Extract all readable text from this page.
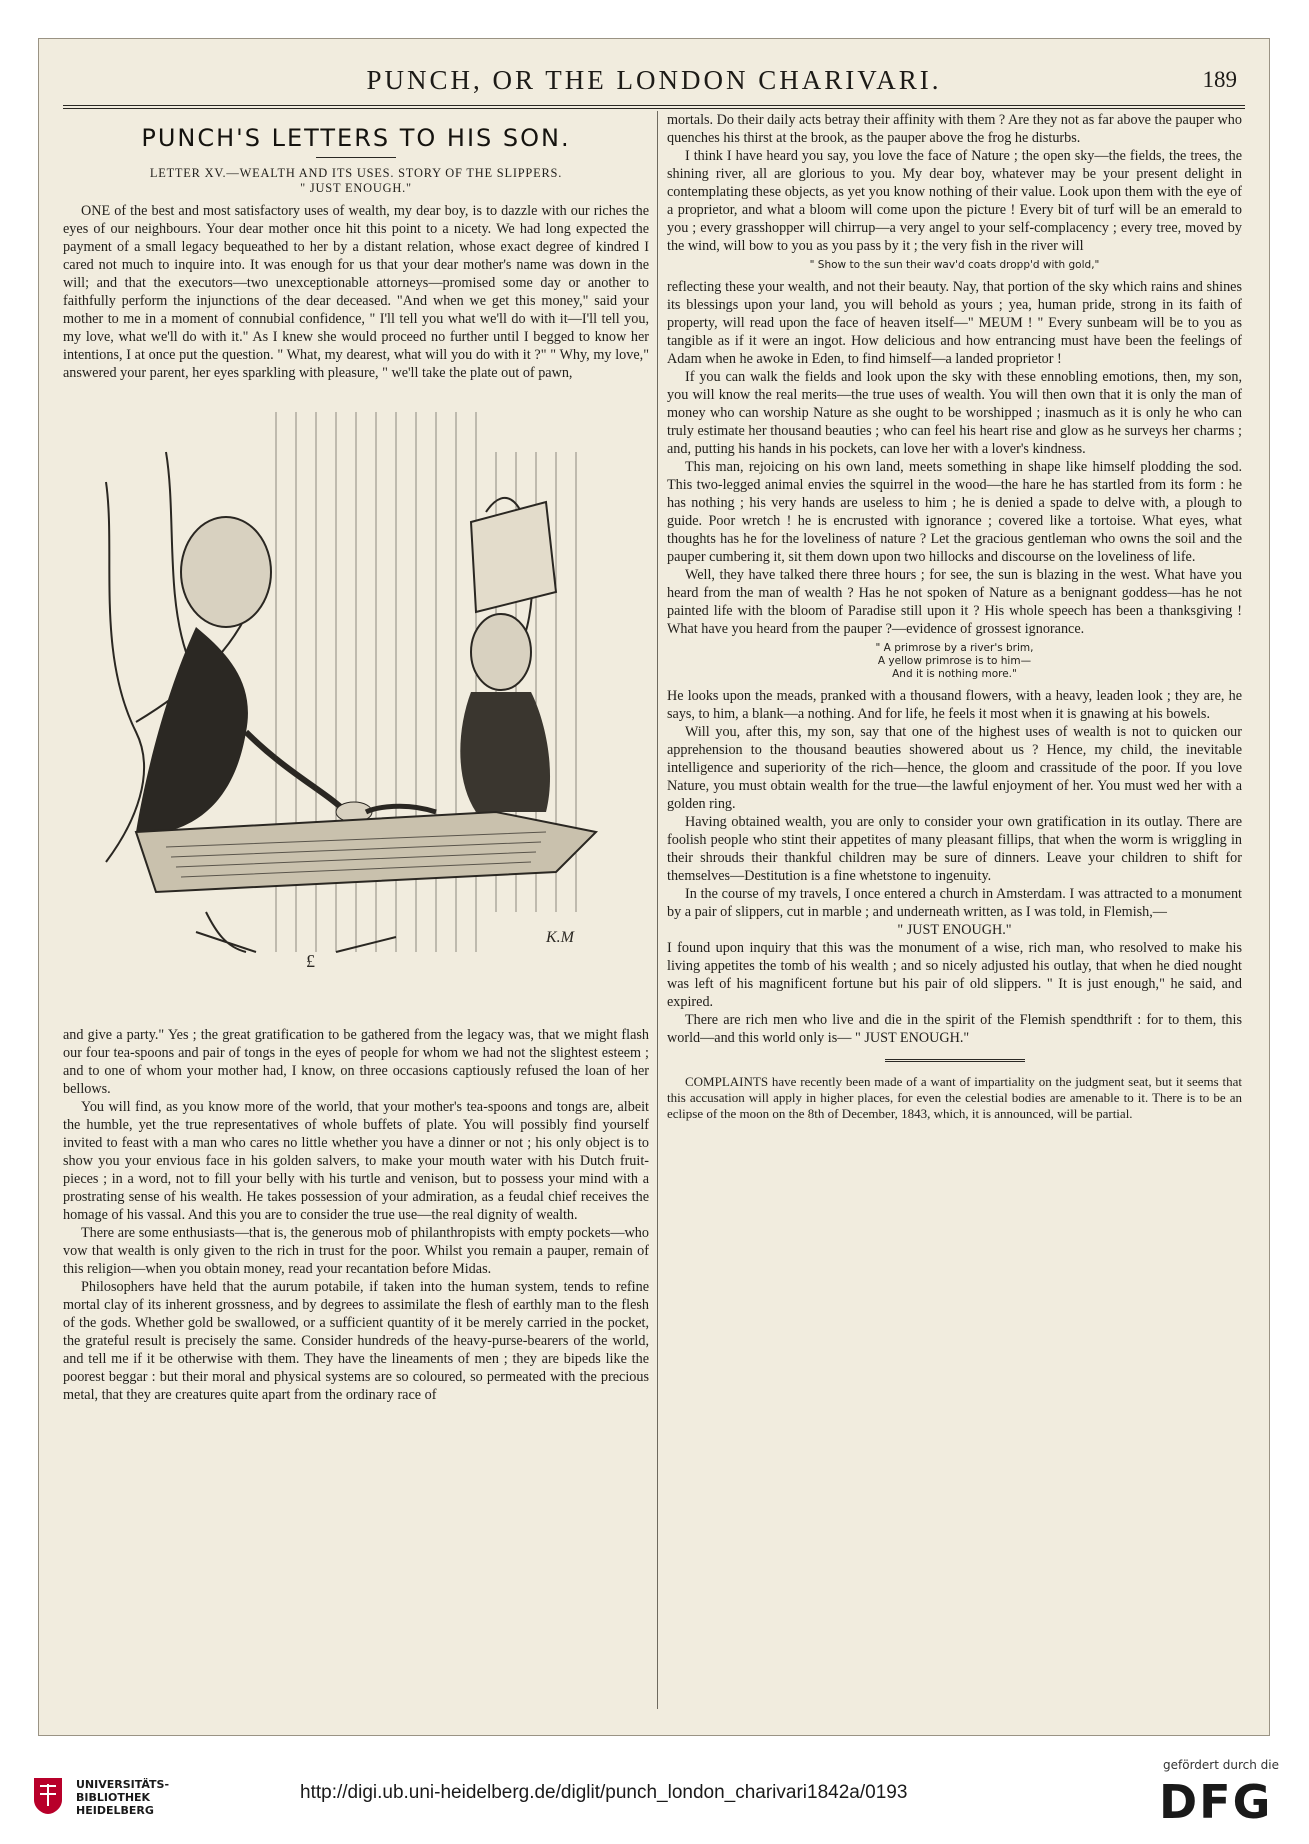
PUNCH, OR THE LONDON CHARIVARI.	189
PUNCH'S LETTERS TO HIS SON.
LETTER XV.—WEALTH AND ITS USES. STORY OF THE SLIPPERS.
" JUST ENOUGH."

ONE of the best and most satisfactory uses of wealth, my dear boy, is to dazzle with our riches the eyes of our neighbours. Your dear mother once hit this point to a nicety. We had long expected the payment of a small legacy bequeathed to her by a distant relation, whose exact degree of kindred I cared not much to inquire into. It was enough for us that your dear mother's name was down in the will; and that the executors—two unexceptionable attorneys—promised some day or another to faithfully perform the injunctions of the dear deceased. "And when we get this money," said your mother to me in a moment of connubial confidence, " I'll tell you what we'll do with it—I'll tell you, my love, what we'll do with it." As I knew she would proceed no further until I begged to know her intentions, I at once put the question. " What, my dearest, what will you do with it ?" " Why, my love," answered your parent, her eyes sparkling with pleasure, " we'll take the plate out of pawn,

£
K.M

and give a party." Yes ; the great gratification to be gathered from the legacy was, that we might flash our four tea-spoons and pair of tongs in the eyes of people for whom we had not the slightest esteem ; and to one of whom your mother had, I know, on three occasions captiously refused the loan of her bellows.

You will find, as you know more of the world, that your mother's tea-spoons and tongs are, albeit the humble, yet the true representatives of whole buffets of plate. You will possibly find yourself invited to feast with a man who cares no little whether you have a dinner or not ; his only object is to show you your envious face in his golden salvers, to make your mouth water with his Dutch fruit-pieces ; in a word, not to fill your belly with his turtle and venison, but to possess your mind with a prostrating sense of his wealth. He takes possession of your admiration, as a feudal chief receives the homage of his vassal. And this you are to consider the true use—the real dignity of wealth.

There are some enthusiasts—that is, the generous mob of philanthropists with empty pockets—who vow that wealth is only given to the rich in trust for the poor. Whilst you remain a pauper, remain of this religion—when you obtain money, read your recantation before Midas.

Philosophers have held that the aurum potabile, if taken into the human system, tends to refine mortal clay of its inherent grossness, and by degrees to assimilate the flesh of earthly man to the flesh of the gods. Whether gold be swallowed, or a sufficient quantity of it be merely carried in the pocket, the grateful result is precisely the same. Consider hundreds of the heavy-purse-bearers of the world, and tell me if it be otherwise with them. They have the lineaments of men ; they are bipeds like the poorest beggar : but their moral and physical systems are so coloured, so permeated with the precious metal, that they are creatures quite apart from the ordinary race of

mortals. Do their daily acts betray their affinity with them ? Are they not as far above the pauper who quenches his thirst at the brook, as the pauper above the frog he disturbs.

I think I have heard you say, you love the face of Nature ; the open sky—the fields, the trees, the shining river, all are glorious to you. My dear boy, whatever may be your present delight in contemplating these objects, as yet you know nothing of their value. Look upon them with the eye of a proprietor, and what a bloom will come upon the picture ! Every bit of turf will be an emerald to you ; every grasshopper will chirrup—a very angel to your self-complacency ; every tree, moved by the wind, will bow to you as you pass by it ; the very fish in the river will

" Show to the sun their wav'd coats dropp'd with gold,"

reflecting these your wealth, and not their beauty. Nay, that portion of the sky which rains and shines its blessings upon your land, you will behold as yours ; yea, human pride, strong in its faith of property, will read upon the face of heaven itself—" MEUM ! " Every sunbeam will be to you as tangible as if it were an ingot. How delicious and how entrancing must have been the feelings of Adam when he awoke in Eden, to find himself—a landed proprietor !

If you can walk the fields and look upon the sky with these ennobling emotions, then, my son, you will know the real merits—the true uses of wealth. You will then own that it is only the man of money who can worship Nature as she ought to be worshipped ; inasmuch as it is only he who can truly estimate her thousand beauties ; who can feel his heart rise and glow as he surveys her charms ; and, putting his hands in his pockets, can love her with a lover's kindness.

This man, rejoicing on his own land, meets something in shape like himself plodding the sod. This two-legged animal envies the squirrel in the wood—the hare he has startled from its form : he has nothing ; his very hands are useless to him ; he is denied a spade to delve with, a plough to guide. Poor wretch ! he is encrusted with ignorance ; covered like a tortoise. What eyes, what thoughts has he for the loveliness of nature ? Let the gracious gentleman who owns the soil and the pauper cumbering it, sit them down upon two hillocks and discourse on the loveliness of life.

Well, they have talked there three hours ; for see, the sun is blazing in the west. What have you heard from the man of wealth ? Has he not spoken of Nature as a benignant goddess—has he not painted life with the bloom of Paradise still upon it ? His whole speech has been a thanksgiving ! What have you heard from the pauper ?—evidence of grossest ignorance.

" A primrose by a river's brim,
A yellow primrose is to him—
And it is nothing more."

He looks upon the meads, pranked with a thousand flowers, with a heavy, leaden look ; they are, he says, to him, a blank—a nothing. And for life, he feels it most when it is gnawing at his bowels.

Will you, after this, my son, say that one of the highest uses of wealth is not to quicken our apprehension to the thousand beauties showered about us ? Hence, my child, the inevitable intelligence and superiority of the rich—hence, the gloom and crassitude of the poor. If you love Nature, you must obtain wealth for the true—the lawful enjoyment of her. You must wed her with a golden ring.

Having obtained wealth, you are only to consider your own gratification in its outlay. There are foolish people who stint their appetites of many pleasant fillips, that when the worm is wriggling in their shrouds their thankful children may be sure of dinners. Leave your children to shift for themselves—Destitution is a fine whetstone to ingenuity.

In the course of my travels, I once entered a church in Amsterdam. I was attracted to a monument by a pair of slippers, cut in marble ; and underneath written, as I was told, in Flemish,—

" JUST ENOUGH."

I found upon inquiry that this was the monument of a wise, rich man, who resolved to make his living appetites the tomb of his wealth ; and so nicely adjusted his outlay, that when he died nought was left of his magnificent fortune but his pair of old slippers. " It is just enough," he said, and expired.

There are rich men who live and die in the spirit of the Flemish spendthrift : for to them, this world—and this world only is— " JUST ENOUGH."

COMPLAINTS have recently been made of a want of impartiality on the judgment seat, but it seems that this accusation will apply in higher places, for even the celestial bodies are amenable to it. There is to be an eclipse of the moon on the 8th of December, 1843, which, it is announced, will be partial.

UNIVERSITÄTS-
BIBLIOTHEK
HEIDELBERG
http://digi.ub.uni-heidelberg.de/diglit/punch_london_charivari1842a/0193
gefördert durch die
DFG
